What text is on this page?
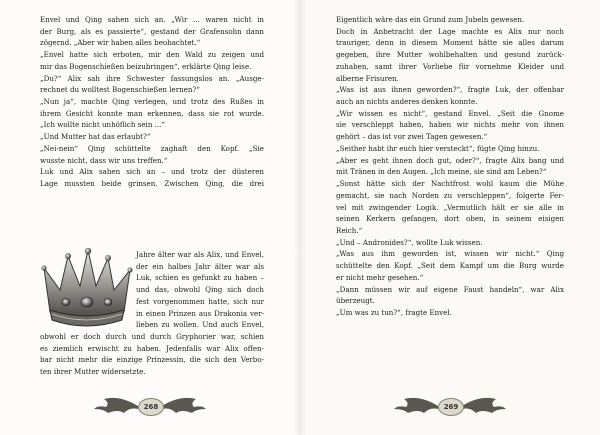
Envel und Qing sahen sich an. „Wir ... waren nicht in
der Burg, als es passierte“, gestand der Grafensohn dann
zögernd. „Aber wir haben alles beobachtet.“
„Envel hatte sich erboten, mir den Wald zu zeigen und
mir das Bogenschießen beizubringen“, erklärte Qing leise.
„Du?“ Alix sah ihre Schwester fassungslos an. „Ausge-
rechnet du wolltest Bogenschießen lernen?“
„Nun ja“, machte Qing verlegen, und trotz des Rußes in
ihrem Gesicht konnte man erkennen, dass sie rot wurde.
„Ich wollte nicht unhöflich sein ...“
„Und Mutter hat das erlaubt?“
„Nei-nein“ Qing schüttelte zaghaft den Kopf. „Sie
wusste nicht, dass wir uns treffen.“
Luk und Alix sahen sich an – und trotz der düsteren
Lage mussten beide grinsen. Zwischen Qing, die drei
Jahre älter war als Alix, und Envel,
der ein halbes Jahr älter war als
Luk, schien es gefunkt zu haben –
und das, obwohl Qing sich doch
fest vorgenommen hatte, sich nur
in einen Prinzen aus Drakonia ver-
lieben zu wollen. Und auch Envel,
obwohl er doch durch und durch Gryphorier war, schien
es ziemlich erwischt zu haben. Jedenfalls war Alix offen-
bar nicht mehr die einzige Prinzessin, die sich den Verbo-
ten ihrer Mutter widersetzte.
268
Eigentlich wäre das ein Grund zum Jubeln gewesen.
Doch in Anbetracht der Lage machte es Alix nur noch
trauriger, denn in diesem Moment hätte sie alles darum
gegeben, ihre Mutter wohlbehalten und gesund zurück-
zuhaben, samt ihrer Vorliebe für vornehme Kleider und
alberne Frisuren.
„Was ist aus ihnen geworden?“, fragte Luk, der offenbar
auch an nichts anderes denken konnte.
„Wir wissen es nicht“, gestand Envel. „Seit die Gnome
sie verschleppt haben, haben wir nichts mehr von ihnen
gehört – das ist vor zwei Tagen gewesen.“
„Seither habt ihr euch hier versteckt“, fügte Qing hinzu.
„Aber es geht ihnen doch gut, oder?“, fragte Alix bang und
mit Tränen in den Augen. „Ich meine, sie sind am Leben?“
„Sonst hätte sich der Nachtfrost wohl kaum die Mühe
gemacht, sie nach Norden zu verschleppen“, folgerte Fer-
vel mit zwingender Logik. „Vermutlich hält er sie alle in
seinen Kerkern gefangen, dort oben, in seinem eisigen
Reich.“
„Und – Andronides?“, wollte Luk wissen.
„Was aus ihm geworden ist, wissen wir nicht.“ Qing
schüttelte den Kopf. „Seit dem Kampf um die Burg wurde
er nicht mehr gesehen.“
„Dann müssen wir auf eigene Faust handeln“, war Alix
überzeugt.
„Um was zu tun?“, fragte Envel.
269
